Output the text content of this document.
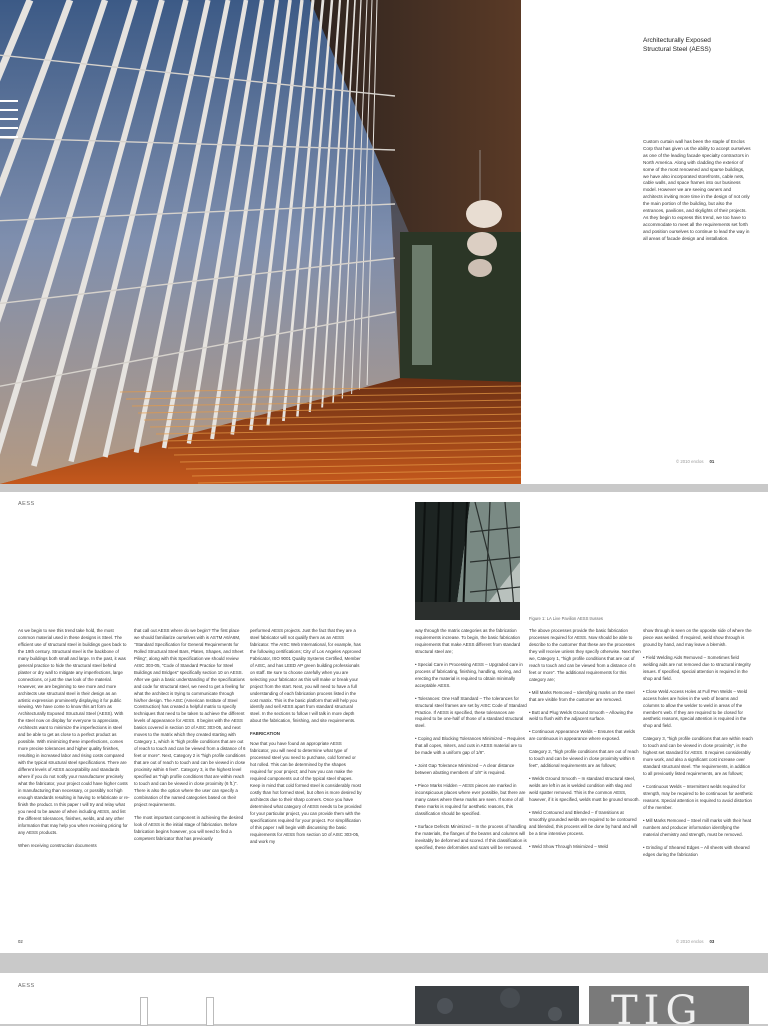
Architecturally Exposed
Structural Steel (AESS)
Custom curtain wall has been the staple of Enclos Corp that has given us the ability to accept ourselves as one of the leading facade specialty contractors in North America. Along with cladding the exterior of some of the most renowned and sparse buildings, we have also incorporated storefronts, cable nets, cable walls, and space frames into our business model. However we are seeing owners and architects inviting more time in the design of not only the main portion of the building, but also the entrances, pavilions, and skylights of their projects. As they begin to express this trend, we too have to accommodate to meet all the requirements set forth and position ourselves to continue to lead the way in all areas of facade design and installation.
© 2010 enclos 01
AESS
Figure 1: LA Live Pavilion AESS trusses

As we begin to see this trend take hold, the most common material used in these designs is Steel. The efficient use of structural steel in buildings goes back to the 19th century. Structural steel is the backbone of many buildings both small and large. In the past, it was general practice to hide the structural steel behind plaster or dry wall to mitigate any imperfections, large connections, or just the raw look of the material. However, we are beginning to see more and more architects use structural steel in their design as an artistic expression prominently displaying it for public viewing. We have come to know this art form as Architecturally Exposed Structural Steel (AESS). With the steel now on display for everyone to appreciate, Architects want to minimize the imperfections in steel and be able to get as close to a perfect product as possible. With minimizing these imperfections, comes more precise tolerances and higher quality finishes, resulting in increased labor and rising costs compared with the typical structural steel specifications. There are different levels of AESS acceptability and standards where if you do not notify your manufacturer precisely what the fabricator, your project could have higher costs in manufacturing than necessary, or possibly not high enough standards resulting in having to refabricate or re-finish the product. In this paper I will try and relay what you need to be aware of when including AESS, and list the different tolerances, finishes, welds, and any other information that may help you when receiving pricing for any AESS products.

When receiving construction documents

that call out AESS where do we begin? The first place we should familiarize ourselves with is ASTM A6/A6M, "Standard Specification for General Requirements for Rolled Structural Steel Bars, Plates, Shapes, and Sheet Piling", along with this Specification we should review AISC 303-05, "Code of Standard Practice for Steel Buildings and Bridges" specifically section 10 on AESS. After we gain a basic understanding of the specifications and code for structural steel, we need to get a feeling for what the architect is trying to communicate through his/her design. The AISC (American Institute of Steel Construction) has created a helpful matrix to specify techniques that need to be taken to achieve the different levels of appearance for AESS. It begins with the AESS basics covered in section 10 of AISC 303-05, and next moves to the matrix which they created starting with Category 1, which is "high profile conditions that are out of reach to touch and can be viewed from a distance of 6 feet or more". Next, Category 2 is "high profile conditions that are out of reach to touch and can be viewed in close proximity within 6 feet". Category 3, is the highest level specified as "high profile conditions that are within reach to touch and can be viewed in close proximity (6 ft.)". There is also the option where the user can specify a combination of the named categories based on their project requirements.

The most important component in achieving the desired look of AESS is the initial stage of fabrication. Before fabrication begins however, you will need to find a competent fabricator that has previously

performed AESS projects. Just the fact that they are a steel fabricator will not qualify them as an AESS fabricator. The AISC Web International, for example, has the following certifications; City of Los Angeles Approved Fabricator, ISO 9001 Quality Systems Certified, Member of AISC, and has LEED AP green building professionals on staff. Be sure to choose carefully when you are selecting your fabricator as this will make or break your project from the start. Next, you will need to have a full understanding of each fabrication process listed in the cost matrix. This is the basic platform that will help you identify and sell AESS apart from standard structural steel. In the sections to follow I will talk in more depth about the fabrication, finishing, and site requirements.

FABRICATION

Now that you have found an appropriate AESS fabricator, you will need to determine what type of processed steel you need to purchase, cold formed or hot rolled. This can be determined by the shapes required for your project; and how you can make the required components out of the typical steel shapes. Keep in mind that cold formed steel is considerably most costly than hot formed steel, but often is more desired by architects due to their sharp corners. Once you have determined what category of AESS needs to be provided for your particular project, you can provide them with the specifications required for your project. For simplification of this paper I will begin with discussing the basic requirements for AESS from section 10 of AISC 303-05, and work my

way through the matrix categories as the fabrication requirements increase. To begin, the basic fabrication requirements that make AESS different from standard structural steel are;

• Special Care in Processing AESS – Upgraded care in process of fabricating, finishing, handling, storing, and erecting the material is required to obtain minimally acceptable AESS.

• Tolerances: One Half Standard – The tolerances for structural steel frames are set by AISC Code of Standard Practice. If AESS is specified, these tolerances are required to be one-half of those of a standard structural steel.

• Coping and Blocking Tolerances Minimized – Requires that all copes, miters, and cuts in AESS material are to be made with a uniform gap of 1/8".

• Joint Gap Tolerance Minimized – A clear distance between abutting members of 1/8" is required.

• Piece Marks Hidden – AESS pieces are marked in inconspicuous places where ever possible, but there are many cases where these marks are seen. If some of all these marks is required for aesthetic reasons, this classification should be specified.

• Surface Defects Minimized – In the process of handling the materials, the flanges of the beams and columns will inevitably be deformed and scored. If this classification is specified, these deformities and scars will be removed.

The above processes provide the basic fabrication processes required for AESS. Now should be able to describe to the customer that these are the processes they will receive unless they specify otherwise. Next then we, Category 1, "high profile conditions that are out of reach to touch and can be viewed from a distance of 6 feet or more". The additional requirements for this category are;

• Mill Marks Removed – Identifying marks on the steel that are visible from the customer are removed.

• Butt and Plug Welds Ground Smooth – Allowing the weld to flush with the adjacent surface.

• Continuous Appearance Welds – Ensures that welds are continuous in appearance where exposed.

Category 2, "high profile conditions that are out of reach to touch and can be viewed in close proximity within 6 feet", additional requirements are as follows;

• Welds Ground Smooth – In standard structural steel, welds are left in as is welded condition with slag and weld spatter removed. This is the common AESS, however, if it is specified, welds must be ground smooth.

• Weld Contoured and Blended – If transitions at smoothly grounded welds are required to be contoured and blended, this process will be done by hand and will be a time intensive process.

• Weld Show Through Minimized – Weld

show through is seen on the opposite side of where the piece was welded. If required, weld show through is ground by hand, and may leave a blemish.

• Field Welding Aids Removed – Sometimes field welding aids are not removed due to structural integrity issues. If specified, special attention is required in the shop and field.

• Close Weld Access Holes at Full Pen Welds – Weld access holes are holes in the web of beams and columns to allow the welder to weld in areas of the member's web. If they are required to be closed for aesthetic reasons, special attention is required in the shop and field.

Category 3, "high profile conditions that are within reach to touch and can be viewed in close proximity", is the highest set standard for AESS. It requires considerably more work, and also a significant cost increase over standard structural steel. The requirements, in addition to all previously listed requirements, are as follows;

• Continuous Welds – Intermittent welds required for strength, may be required to be continuous for aesthetic reasons. Special attention is required to avoid distortion of the member.

• Mill Marks Removed – Steel mill marks with their heat numbers and producer information identifying the material chemistry and strength, must be removed.

• Grinding of Sheared Edges – All sheets with sheared edges during the fabrication

02	© 2010 enclos 03
AESS
TIG
